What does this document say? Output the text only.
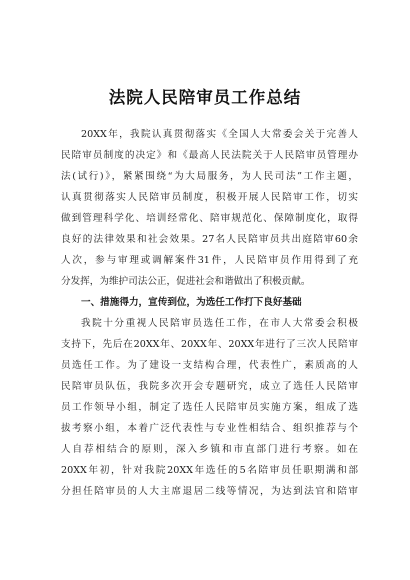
法院人民陪审员工作总结
20XX年，我院认真贯彻落实《全国人大常委会关于完善人
民陪审员制度的决定》和《最高人民法院关于人民陪审员管理办
法(试行)》，紧紧围绕“为大局服务，为人民司法”工作主题，
认真贯彻落实人民陪审员制度，积极开展人民陪审工作，切实
做到管理科学化、培训经常化、陪审规范化、保障制度化，取得
良好的法律效果和社会效果。27名人民陪审员共出庭陪审60余
人次，参与审理或调解案件31件，人民陪审员作用得到了充
分发挥，为维护司法公正，促进社会和谐做出了积极贡献。
一、措施得力，宣传到位，为选任工作打下良好基础
我院十分重视人民陪审员选任工作，在市人大常委会积极
支持下，先后在20XX年、20XX年、20XX年进行了三次人民陪审
员选任工作。为了建设一支结构合理，代表性广，素质高的人
民陪审员队伍，我院多次开会专题研究，成立了选任人民陪审
员工作领导小组，制定了选任人民陪审员实施方案，组成了选
拔考察小组，本着广泛代表性与专业性相结合、组织推荐与个
人自荐相结合的原则，深入乡镇和市直部门进行考察。如在
20XX年初，针对我院20XX年选任的5名陪审员任职期满和部
分担任陪审员的人大主席退居二线等情况，为达到法官和陪审
